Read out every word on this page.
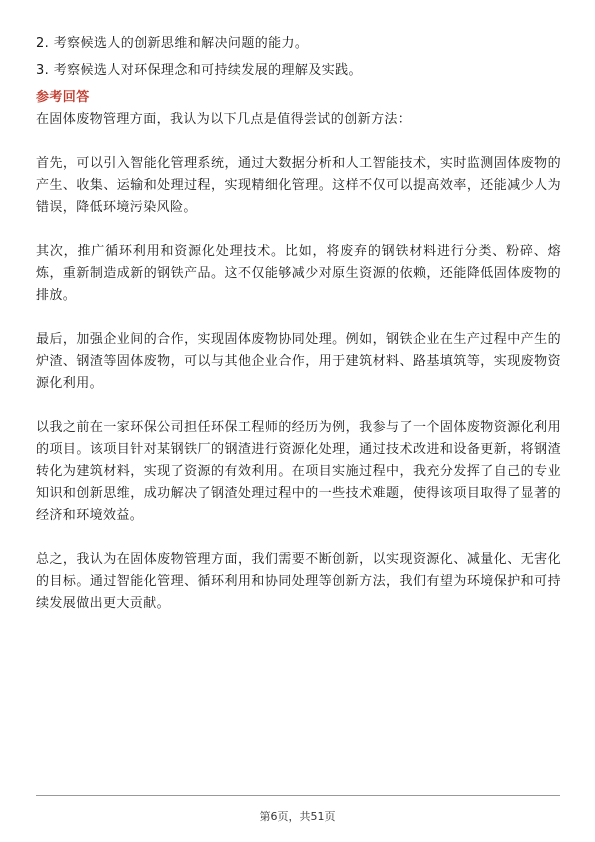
2. 考察候选人的创新思维和解决问题的能力。

3. 考察候选人对环保理念和可持续发展的理解及实践。

参考回答

在固体废物管理方面，我认为以下几点是值得尝试的创新方法：

首先，可以引入智能化管理系统，通过大数据分析和人工智能技术，实时监测固体废物的产生、收集、运输和处理过程，实现精细化管理。这样不仅可以提高效率，还能减少人为错误，降低环境污染风险。

其次，推广循环利用和资源化处理技术。比如，将废弃的钢铁材料进行分类、粉碎、熔炼，重新制造成新的钢铁产品。这不仅能够减少对原生资源的依赖，还能降低固体废物的排放。

最后，加强企业间的合作，实现固体废物协同处理。例如，钢铁企业在生产过程中产生的炉渣、钢渣等固体废物，可以与其他企业合作，用于建筑材料、路基填筑等，实现废物资源化利用。

以我之前在一家环保公司担任环保工程师的经历为例，我参与了一个固体废物资源化利用的项目。该项目针对某钢铁厂的钢渣进行资源化处理，通过技术改进和设备更新，将钢渣转化为建筑材料，实现了资源的有效利用。在项目实施过程中，我充分发挥了自己的专业知识和创新思维，成功解决了钢渣处理过程中的一些技术难题，使得该项目取得了显著的经济和环境效益。

总之，我认为在固体废物管理方面，我们需要不断创新，以实现资源化、减量化、无害化的目标。通过智能化管理、循环利用和协同处理等创新方法，我们有望为环境保护和可持续发展做出更大贡献。

第6页，共51页
